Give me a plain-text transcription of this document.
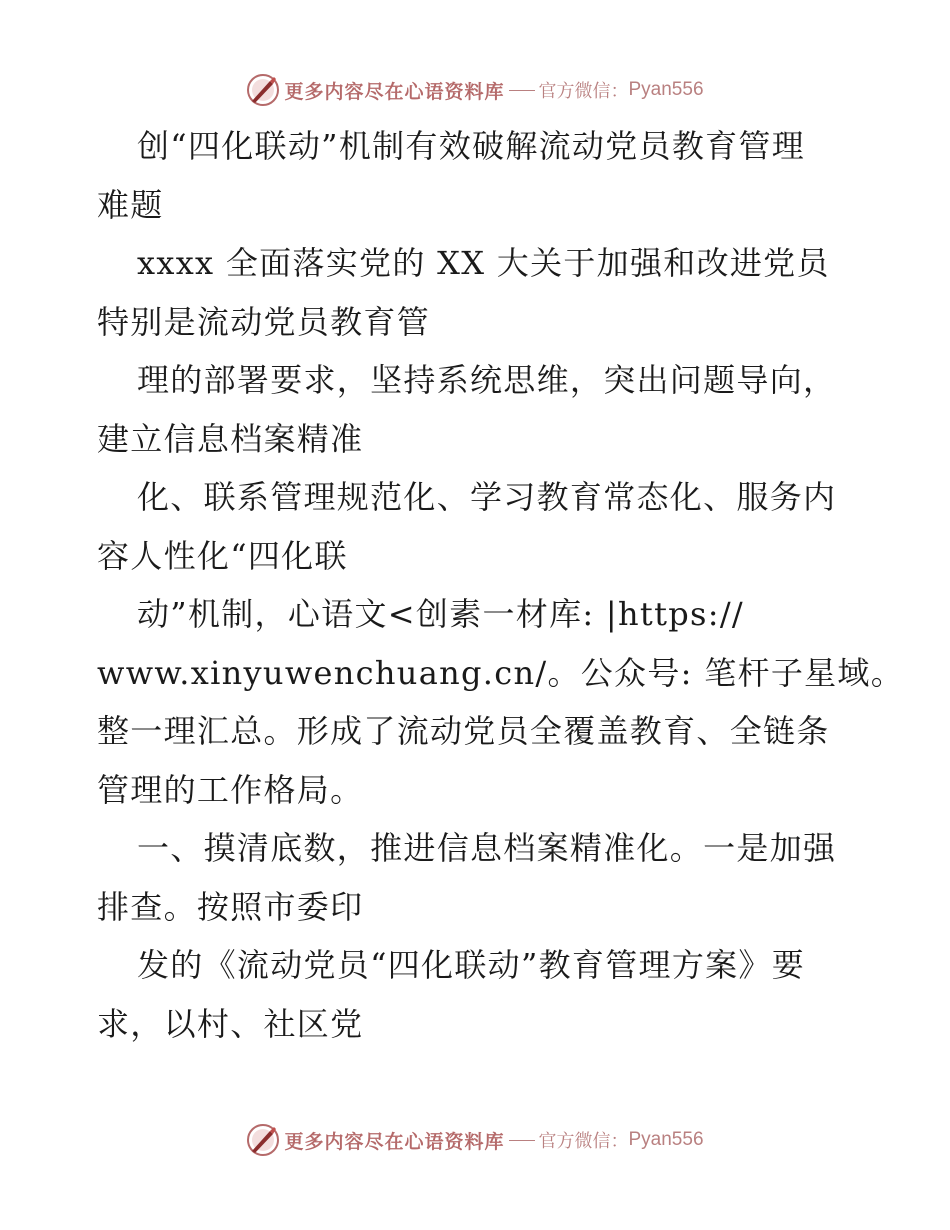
更多内容尽在心语资料库 官方微信： Pyan556
创“四化联动”机制有效破解流动党员教育管理
难题
xxxx 全面落实党的 XX 大关于加强和改进党员
特别是流动党员教育管
理的部署要求，坚持系统思维，突出问题导向，
建立信息档案精准
化、联系管理规范化、学习教育常态化、服务内
容人性化“四化联
动”机制，心语文<创素一材库: |https://
www.xinyuwenchuang.cn/。公众号: 笔杆子星域。
整一理汇总。形成了流动党员全覆盖教育、全链条
管理的工作格局。
一、摸清底数，推进信息档案精准化。一是加强
排查。按照市委印
发的《流动党员“四化联动”教育管理方案》要
求，以村、社区党
更多内容尽在心语资料库 官方微信： Pyan556
